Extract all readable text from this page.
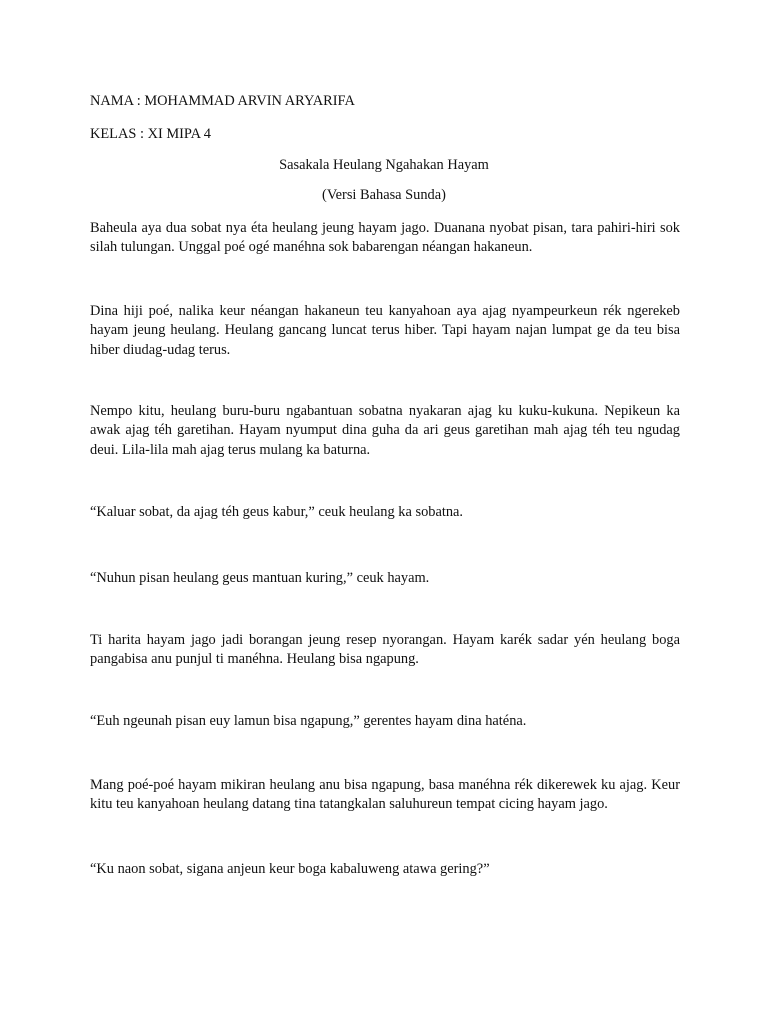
NAMA : MOHAMMAD ARVIN ARYARIFA
KELAS : XI MIPA 4
Sasakala Heulang Ngahakan Hayam
(Versi Bahasa Sunda)
Baheula aya dua sobat nya éta heulang jeung hayam jago. Duanana nyobat pisan, tara pahiri-hiri sok silah tulungan. Unggal poé ogé manéhna sok babarengan néangan hakaneun.
Dina hiji poé, nalika keur néangan hakaneun teu kanyahoan aya ajag nyampeurkeun rék ngerekeb hayam jeung heulang. Heulang gancang luncat terus hiber. Tapi hayam najan lumpat ge da teu bisa hiber diudag-udag terus.
Nempo kitu, heulang buru-buru ngabantuan sobatna nyakaran ajag ku kuku-kukuna. Nepikeun ka awak ajag téh garetihan. Hayam nyumput dina guha da ari geus garetihan mah ajag téh teu ngudag deui. Lila-lila mah ajag terus mulang ka baturna.
“Kaluar sobat, da ajag téh geus kabur,” ceuk heulang ka sobatna.
“Nuhun pisan heulang geus mantuan kuring,” ceuk hayam.
Ti harita hayam jago jadi borangan jeung resep nyorangan. Hayam karék sadar yén heulang boga pangabisa anu punjul ti manéhna. Heulang bisa ngapung.
“Euh ngeunah pisan euy lamun bisa ngapung,” gerentes hayam dina haténa.
Mang poé-poé hayam mikiran heulang anu bisa ngapung, basa manéhna rék dikerewek ku ajag. Keur kitu teu kanyahoan heulang datang tina tatangkalan saluhureun tempat cicing hayam jago.
“Ku naon sobat, sigana anjeun keur boga kabaluweng atawa gering?”
